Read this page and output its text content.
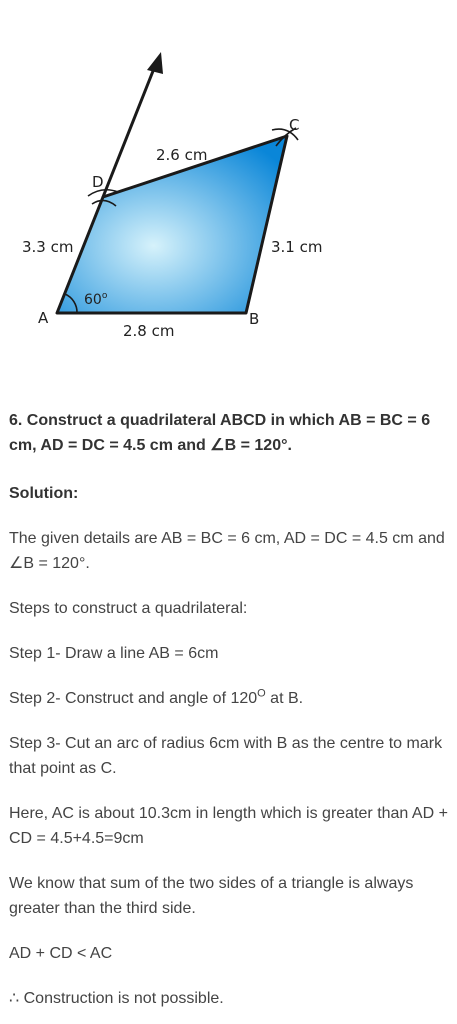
A	B
C
D
2.8 cm
3.1 cm
2.6 cm
3.3 cm
60$^o$

6. Construct a quadrilateral ABCD in which AB = BC = 6 cm, AD = DC = 4.5 cm and ∠B = 120°.

Solution:

The given details are AB = BC = 6 cm, AD = DC = 4.5 cm and ∠B = 120°.

Steps to construct a quadrilateral:

Step 1- Draw a line AB = 6cm

Step 2- Construct and angle of $120^O$ at B.

Step 3- Cut an arc of radius 6cm with B as the centre to mark that point as C.

Here, AC is about 10.3cm in length which is greater than AD + CD = 4.5+4.5=9cm

We know that sum of the two sides of a triangle is always greater than the third side.

AD + CD < AC

∴ Construction is not possible.
